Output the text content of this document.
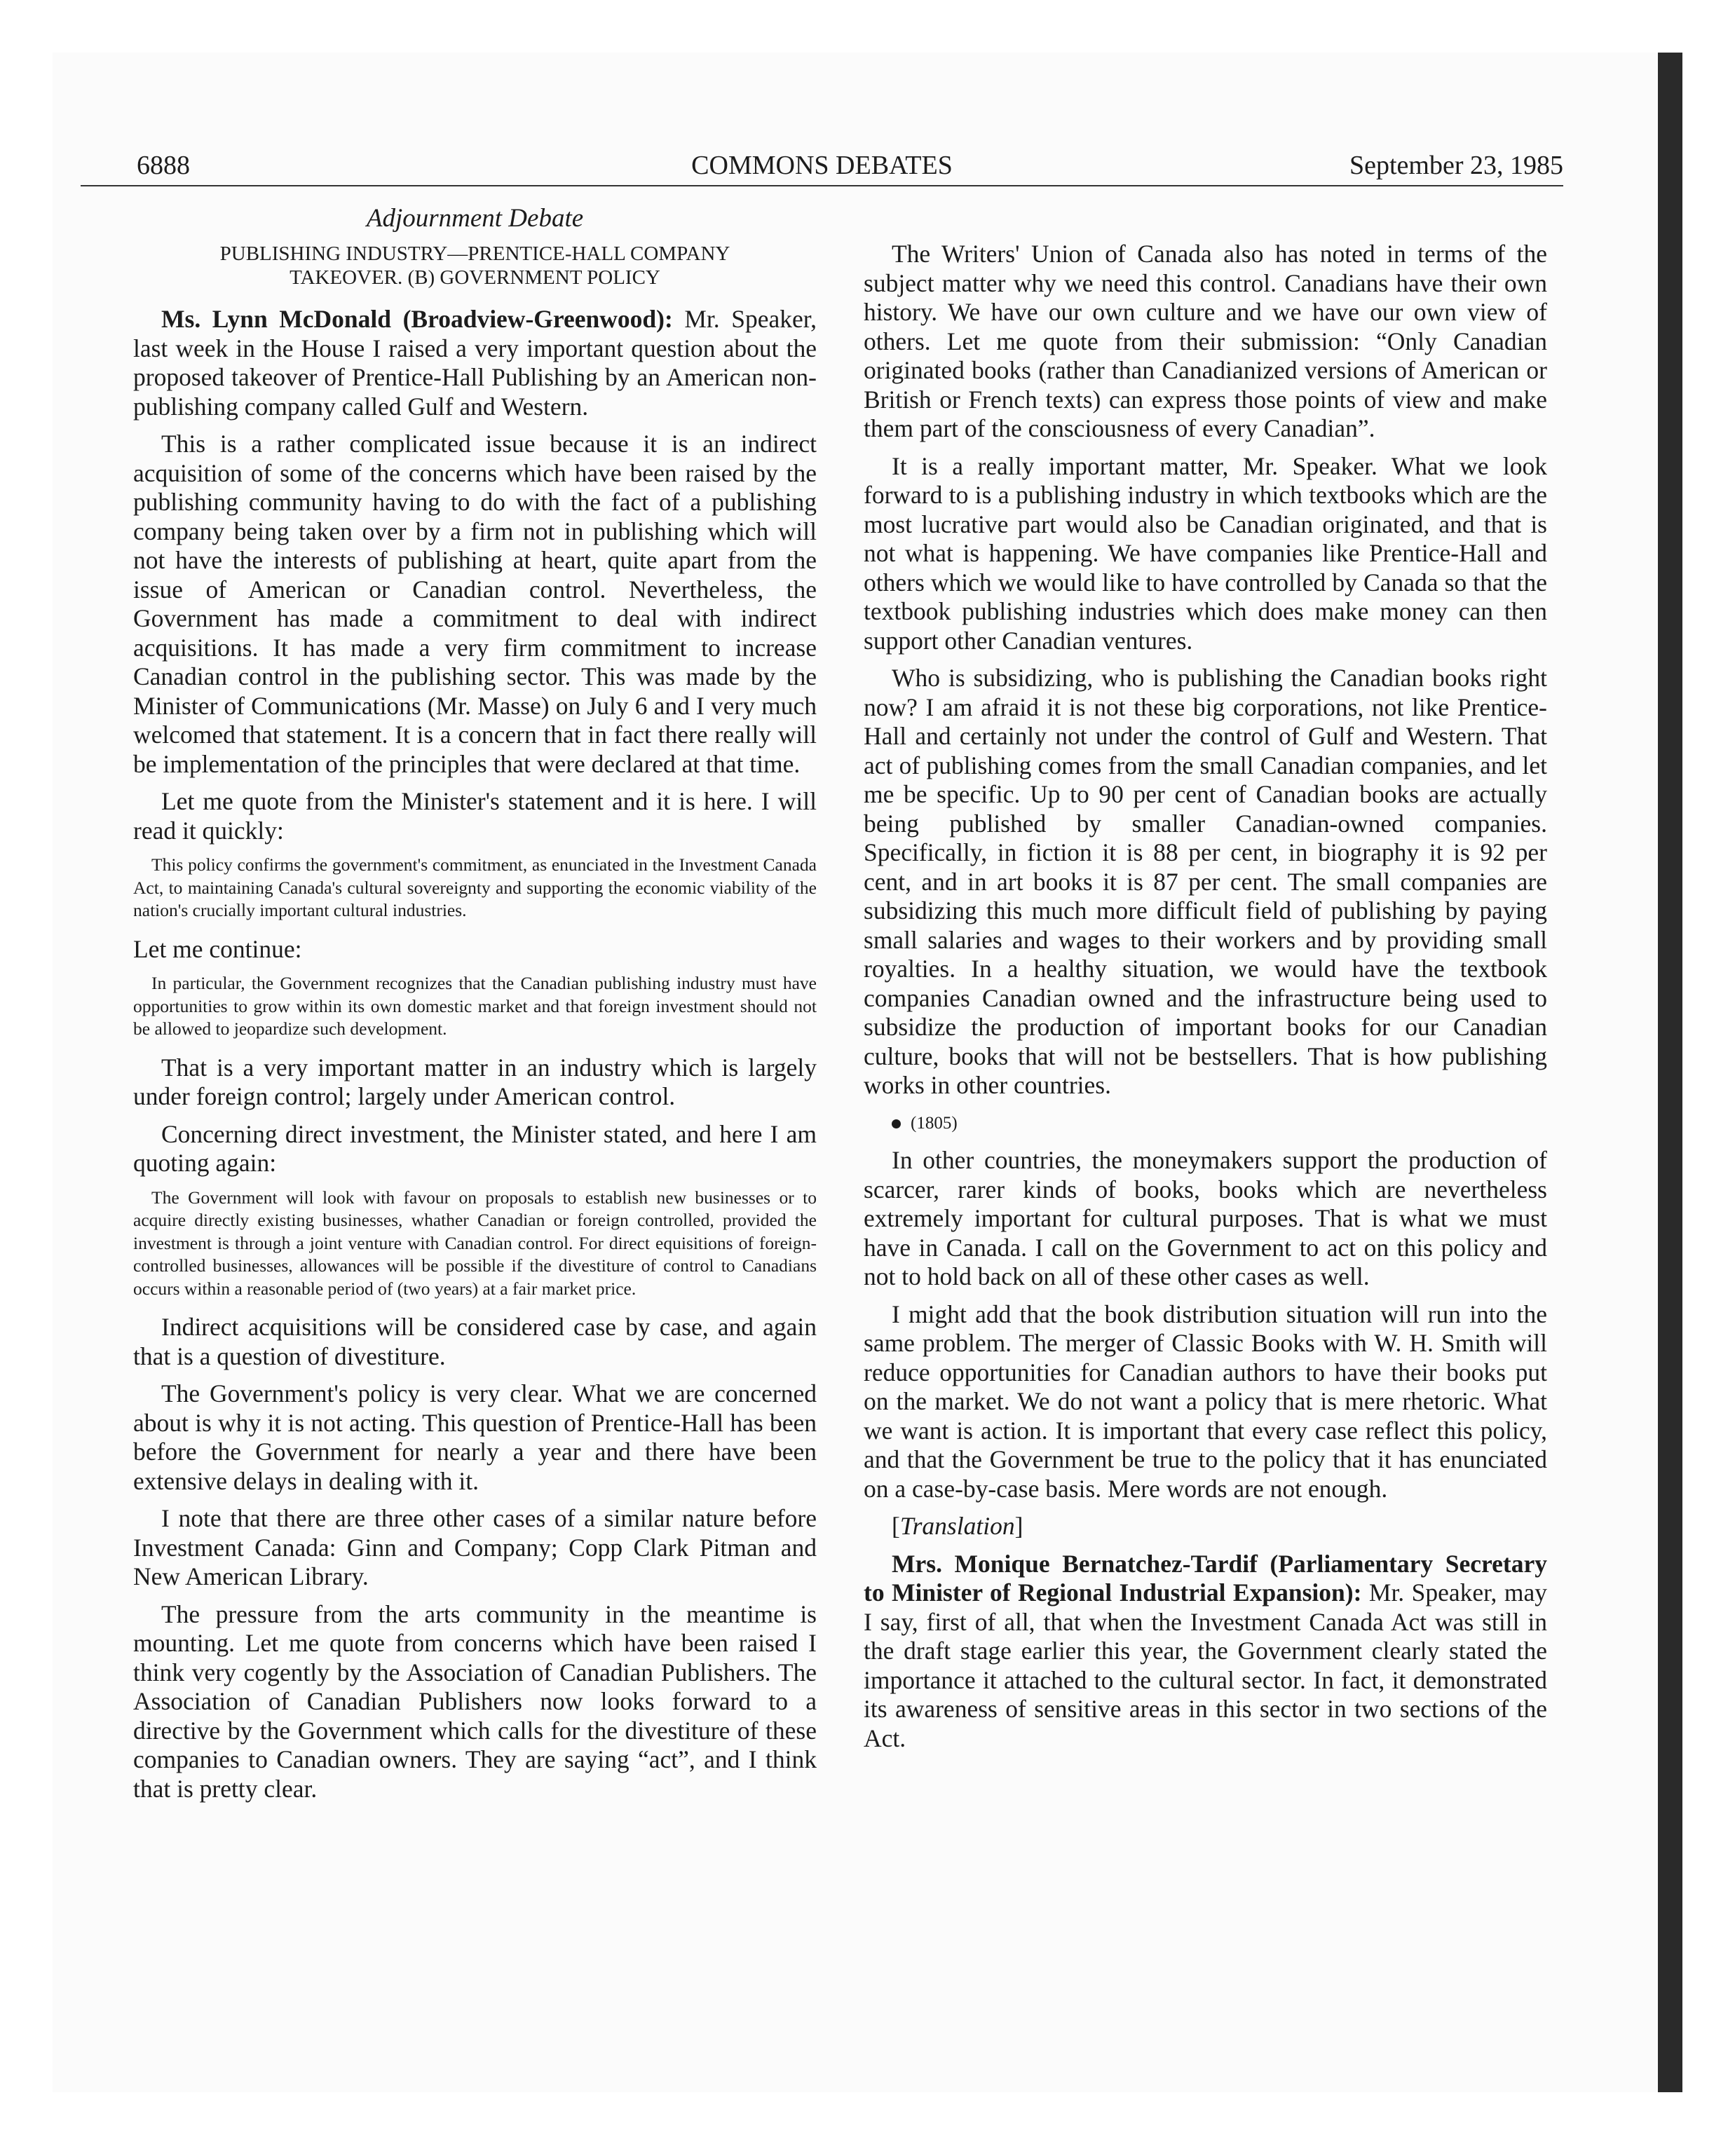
6888	COMMONS DEBATES	September 23, 1985
Adjournment Debate
PUBLISHING INDUSTRY—PRENTICE-HALL COMPANY
TAKEOVER. (B) GOVERNMENT POLICY

Ms. Lynn McDonald (Broadview-Greenwood): Mr. Speaker, last week in the House I raised a very important question about the proposed takeover of Prentice-Hall Publishing by an American non-publishing company called Gulf and Western.

This is a rather complicated issue because it is an indirect acquisition of some of the concerns which have been raised by the publishing community having to do with the fact of a publishing company being taken over by a firm not in publishing which will not have the interests of publishing at heart, quite apart from the issue of American or Canadian control. Nevertheless, the Government has made a commitment to deal with indirect acquisitions. It has made a very firm commitment to increase Canadian control in the publishing sector. This was made by the Minister of Communications (Mr. Masse) on July 6 and I very much welcomed that statement. It is a concern that in fact there really will be implementation of the principles that were declared at that time.

Let me quote from the Minister's statement and it is here. I will read it quickly:

This policy confirms the government's commitment, as enunciated in the Investment Canada Act, to maintaining Canada's cultural sovereignty and supporting the economic viability of the nation's crucially important cultural industries.

Let me continue:

In particular, the Government recognizes that the Canadian publishing industry must have opportunities to grow within its own domestic market and that foreign investment should not be allowed to jeopardize such development.

That is a very important matter in an industry which is largely under foreign control; largely under American control.

Concerning direct investment, the Minister stated, and here I am quoting again:

The Government will look with favour on proposals to establish new businesses or to acquire directly existing businesses, whather Canadian or foreign controlled, provided the investment is through a joint venture with Canadian control. For direct equisitions of foreign-controlled businesses, allowances will be possible if the divestiture of control to Canadians occurs within a reasonable period of (two years) at a fair market price.

Indirect acquisitions will be considered case by case, and again that is a question of divestiture.

The Government's policy is very clear. What we are concerned about is why it is not acting. This question of Prentice-Hall has been before the Government for nearly a year and there have been extensive delays in dealing with it.

I note that there are three other cases of a similar nature before Investment Canada: Ginn and Company; Copp Clark Pitman and New American Library.

The pressure from the arts community in the meantime is mounting. Let me quote from concerns which have been raised I think very cogently by the Association of Canadian Publishers. The Association of Canadian Publishers now looks forward to a directive by the Government which calls for the divestiture of these companies to Canadian owners. They are saying “act”, and I think that is pretty clear.

The Writers' Union of Canada also has noted in terms of the subject matter why we need this control. Canadians have their own history. We have our own culture and we have our own view of others. Let me quote from their submission: “Only Canadian originated books (rather than Canadianized versions of American or British or French texts) can express those points of view and make them part of the consciousness of every Canadian”.

It is a really important matter, Mr. Speaker. What we look forward to is a publishing industry in which textbooks which are the most lucrative part would also be Canadian originated, and that is not what is happening. We have companies like Prentice-Hall and others which we would like to have controlled by Canada so that the textbook publishing industries which does make money can then support other Canadian ventures.

Who is subsidizing, who is publishing the Canadian books right now? I am afraid it is not these big corporations, not like Prentice-Hall and certainly not under the control of Gulf and Western. That act of publishing comes from the small Canadian companies, and let me be specific. Up to 90 per cent of Canadian books are actually being published by smaller Canadian-owned companies. Specifically, in fiction it is 88 per cent, in biography it is 92 per cent, and in art books it is 87 per cent. The small companies are subsidizing this much more difficult field of publishing by paying small salaries and wages to their workers and by providing small royalties. In a healthy situation, we would have the textbook companies Canadian owned and the infrastructure being used to subsidize the production of important books for our Canadian culture, books that will not be bestsellers. That is how publishing works in other countries.

(1805)

In other countries, the moneymakers support the production of scarcer, rarer kinds of books, books which are nevertheless extremely important for cultural purposes. That is what we must have in Canada. I call on the Government to act on this policy and not to hold back on all of these other cases as well.

I might add that the book distribution situation will run into the same problem. The merger of Classic Books with W. H. Smith will reduce opportunities for Canadian authors to have their books put on the market. We do not want a policy that is mere rhetoric. What we want is action. It is important that every case reflect this policy, and that the Government be true to the policy that it has enunciated on a case-by-case basis. Mere words are not enough.

[Translation]

Mrs. Monique Bernatchez-Tardif (Parliamentary Secretary to Minister of Regional Industrial Expansion): Mr. Speaker, may I say, first of all, that when the Investment Canada Act was still in the draft stage earlier this year, the Government clearly stated the importance it attached to the cultural sector. In fact, it demonstrated its awareness of sensitive areas in this sector in two sections of the Act.
